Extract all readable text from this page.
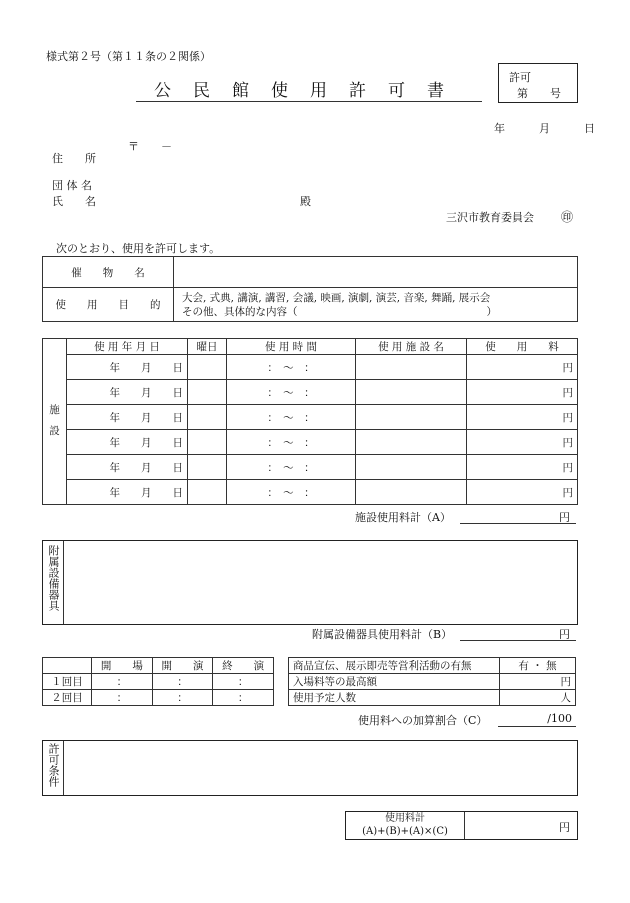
様式第２号（第１１条の２関係）
公民館使用許可書
許可
第　　号
年　　月　　日
〒　　－
住　　所
団 体 名
氏　　名	殿
三沢市教育委員会 ㊞
次のとおり、使用を許可します。
催　　物　　名	
使　　用　　目　　的	大会, 式典, 講演, 講習, 会議, 映画, 演劇, 演芸, 音楽, 舞踊, 展示会
その他、具体的な内容（　　　　　　　　　　　　　　　　　　）
施　設	使 用 年 月 日	曜日	使 用 時 間	使 用 施 設 名	使　　用　　料
	年　　月　　日		：　〜　：		円
	年　　月　　日		：　〜　：		円
	年　　月　　日		：　〜　：		円
	年　　月　　日		：　〜　：		円
	年　　月　　日		：　〜　：		円
	年　　月　　日		：　〜　：		円
施設使用料計（A）	円
附属設備器具
附属設備器具使用料計（B）	円
	開　　場	開　　演	終　　演
１回目	：	：	：
２回目	：	：	：
商品宣伝、展示即売等営利活動の有無	有 ・ 無
入場料等の最高額	円
使用予定人数	人
使用料への加算割合（C）	/100
許可条件
使用料計
(A)+(B)+(A)×(C)	円
